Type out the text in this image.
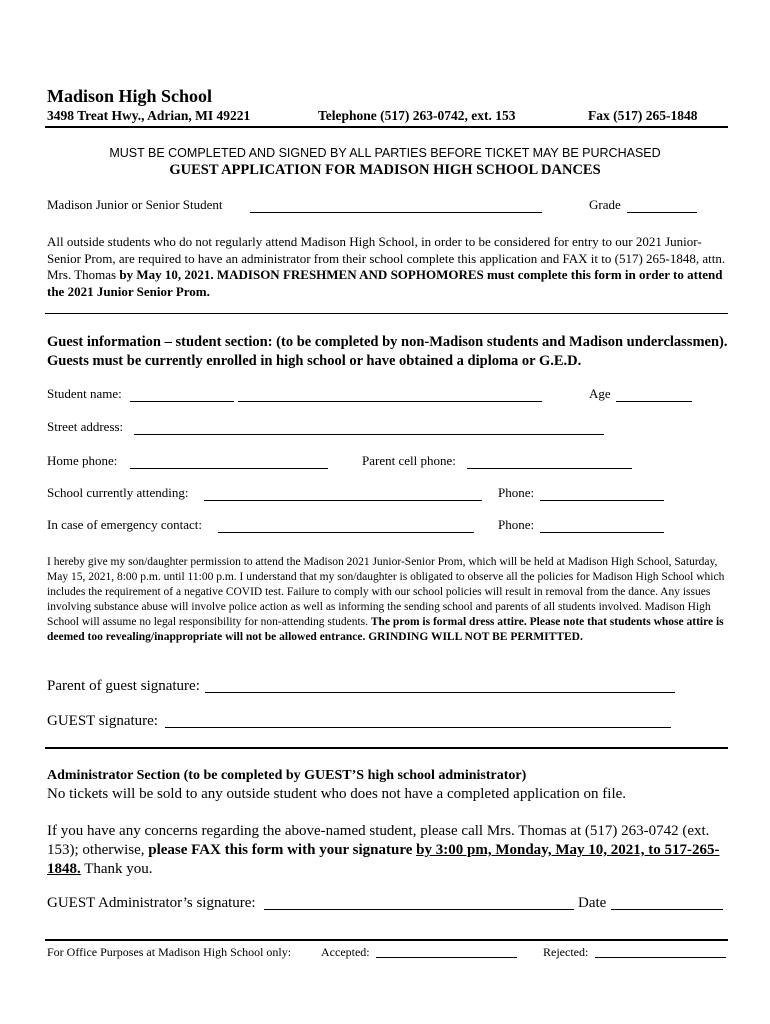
Madison High School
3498 Treat Hwy., Adrian, MI 49221	Telephone (517) 263-0742, ext. 153	Fax (517) 265-1848
MUST BE COMPLETED AND SIGNED BY ALL PARTIES BEFORE TICKET MAY BE PURCHASED
GUEST APPLICATION FOR MADISON HIGH SCHOOL DANCES
Madison Junior or Senior Student	Grade
All outside students who do not regularly attend Madison High School, in order to be considered for entry to our 2021 Junior-Senior Prom, are required to have an administrator from their school complete this application and FAX it to (517) 265-1848, attn. Mrs. Thomas by May 10, 2021. MADISON FRESHMEN AND SOPHOMORES must complete this form in order to attend the 2021 Junior Senior Prom.
Guest information – student section: (to be completed by non-Madison students and Madison underclassmen). Guests must be currently enrolled in high school or have obtained a diploma or G.E.D.
Student name:	Age
Street address:
Home phone:	Parent cell phone:
School currently attending:	Phone:
In case of emergency contact:	Phone:
I hereby give my son/daughter permission to attend the Madison 2021 Junior-Senior Prom, which will be held at Madison High School, Saturday, May 15, 2021, 8:00 p.m. until 11:00 p.m. I understand that my son/daughter is obligated to observe all the policies for Madison High School which includes the requirement of a negative COVID test. Failure to comply with our school policies will result in removal from the dance. Any issues involving substance abuse will involve police action as well as informing the sending school and parents of all students involved. Madison High School will assume no legal responsibility for non-attending students. The prom is formal dress attire. Please note that students whose attire is deemed too revealing/inappropriate will not be allowed entrance. GRINDING WILL NOT BE PERMITTED.
Parent of guest signature:
GUEST signature:
Administrator Section (to be completed by GUEST’S high school administrator)
No tickets will be sold to any outside student who does not have a completed application on file.
If you have any concerns regarding the above-named student, please call Mrs. Thomas at (517) 263-0742 (ext. 153); otherwise, please FAX this form with your signature by 3:00 pm, Monday, May 10, 2021, to 517-265-1848. Thank you.
GUEST Administrator’s signature:	Date
For Office Purposes at Madison High School only: Accepted:	Rejected:
